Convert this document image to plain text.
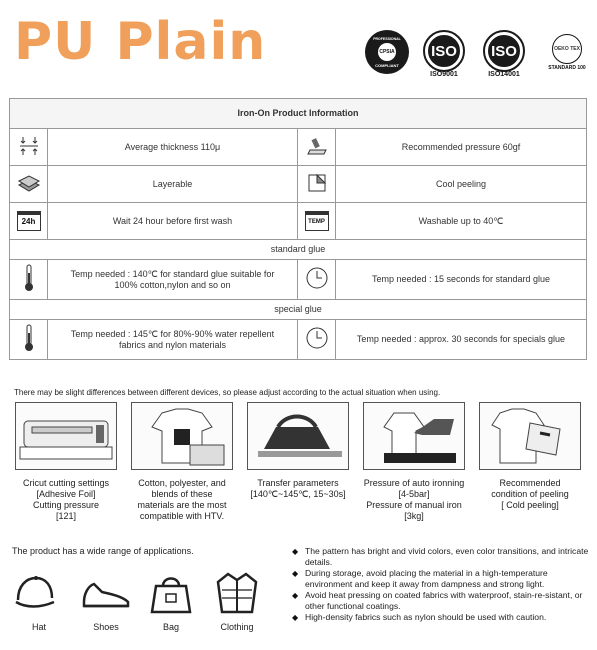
PU Plain	PROFESSIONAL
CPSIA
COMPLIANT
ISO
ISO9001
ISO
ISO14001
OEKO TEX
STANDARD 100
Iron-On Product Information			
	Average thickness 110μ		Recommended pressure 60gf
	Layerable		Cool peeling

24h	Wait 24 hour before first wash	TEMP	Washable up to 40℃
standard glue			
	Temp needed : 140℃ for standard glue suitable for 100% cotton,nylon and so on		Temp needed : 15 seconds for standard glue
special glue			
	Temp needed : 145℃ for 80%-90% water repellent fabrics and nylon materials		Temp needed : approx. 30 seconds for specials glue
There may be slight differences between different devices, so please adjust according to the actual situation when using.
Cricut cutting settings
[Adhesive Foil]
Cutting pressure
[121]
Cotton, polyester, and
blends of these
materials are the most
compatible with HTV.
Transfer parameters
[140℃~145℃, 15~30s]
Pressure of auto ironning
[4-5bar]
Pressure of manual iron
[3kg]
Recommended
condition of peeling
[ Cold peeling]
The product has a wide range of applications.
Hat	Shoes	Bag	Clothing
◆ The pattern has bright and vivid colors, even color transitions, and intricate details.
◆ During storage, avoid placing the material in a high-temperature environment and keep it away from dampness and strong light.
◆ Avoid heat pressing on coated fabrics with waterproof, stain-re-sistant, or other functional coatings.
◆ High-density fabrics such as nylon should be used with caution.
